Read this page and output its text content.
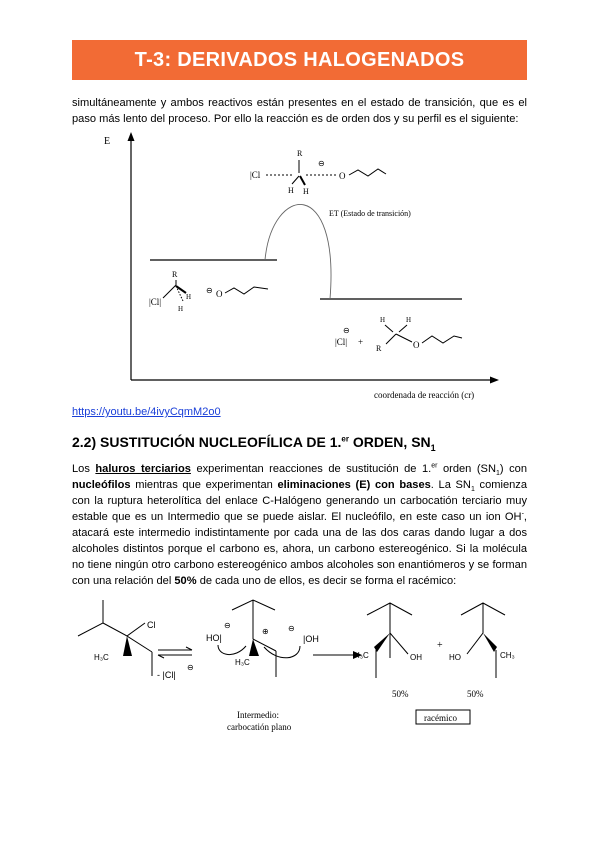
T-3: DERIVADOS HALOGENADOS

simultáneamente y ambos reactivos están presentes en el estado de transición, que es el paso más lento del proceso. Por ello la reacción es de orden dos y su perfil es el siguiente:

E
coordenada de reacción (cr)
ET (Estado de transición)
|Cl
R
H H
⊖
O
|Cl|
R
H
H
⊖ O
⊖
|Cl| +
H	H
R	O
https://youtu.be/4ivyCqmM2o0
2.2) SUSTITUCIÓN NUCLEOFÍLICA DE 1.$^{er}$ ORDEN, $SN_1$

Los haluros terciarios experimentan reacciones de sustitución de 1.$^{er}$ orden $(SN_1)$ con nucleófilos mientras que experimentan eliminaciones (E) con bases. La $SN_1$ comienza con la ruptura heterolítica del enlace C-Halógeno generando un carbocatión terciario muy estable que es un Intermedio que se puede aislar. El nucleófilo, en este caso un ion OH-, atacará este intermedio indistintamente por cada una de las dos caras dando lugar a dos alcoholes distintos porque el carbono es, ahora, un carbono estereogénico. Si la molécula no tiene ningún otro carbono estereogénico ambos alcoholes son enantiómeros y se forman con una relación del 50% de cada uno de ellos, es decir se forma el racémico:

Cl
H₃C
- |Cl|
⊖
⊕
H₃C
HO|
⊖
|OH
⊖
Intermedio:
carbocatión plano
OH
H₃C
+
HO	CH₃
50%	50%
racémico
